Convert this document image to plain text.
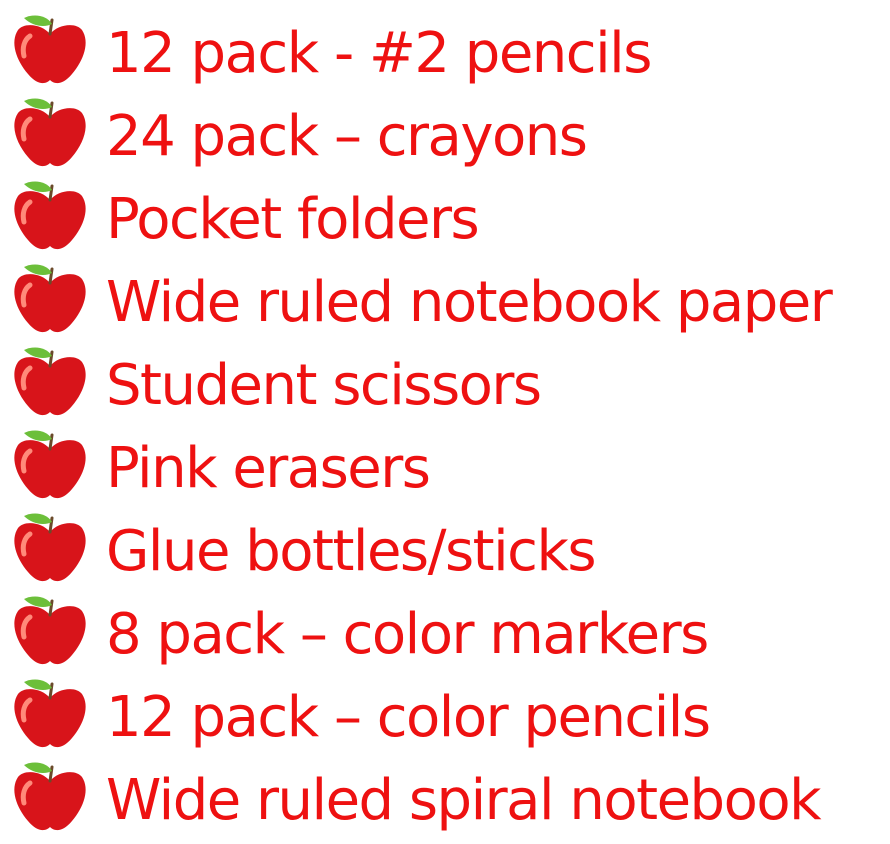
12 pack - #2 pencils
24 pack – crayons
Pocket folders
Wide ruled notebook paper
Student scissors
Pink erasers
Glue bottles/sticks
8 pack – color markers
12 pack – color pencils
Wide ruled spiral notebook
